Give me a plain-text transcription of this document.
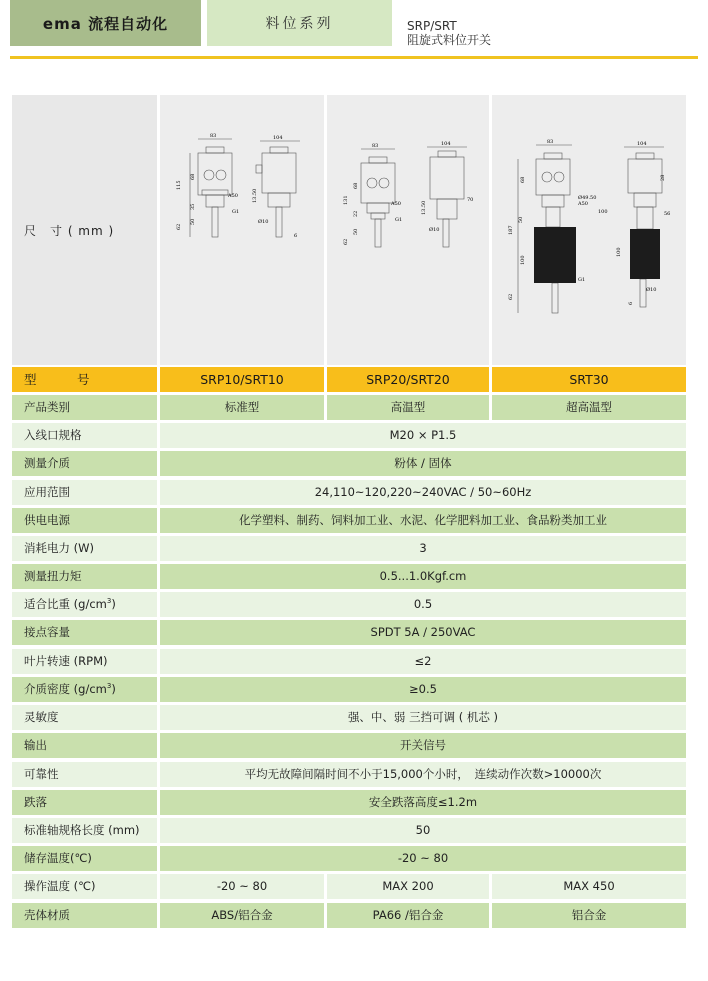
ema 流程自动化	料位系列	SRP/SRT
阻旋式料位开关
尺　寸 ( mm )
83	104
115
68
35
50
62
A50
G1
Ø10
6
13.50
83	104
131
68
22
50
62
A50
G1
Ø10
70
13.50
83	104
187
68
50
100
62
A50
G1
Ø10
56
Ø49.50
100
100
28
6
型　号	SRP10/SRT10	SRP20/SRT20	SRT30
产品类别	标准型	高温型	超高温型
入线口规格	M20 × P1.5
测量介质	粉体 / 固体
应用范围	24,110~120,220~240VAC / 50~60Hz
供电电源	化学塑料、制药、饲料加工业、水泥、化学肥料加工业、食品粉类加工业
消耗电力 (W)	3
测量扭力矩	0.5...1.0Kgf.cm
适合比重 $(g/cm^3)$	0.5
接点容量	SPDT 5A / 250VAC
叶片转速 (RPM)	≤2
介质密度 $(g/cm^3)$	≥0.5
灵敏度	强、中、弱 三挡可调 ( 机芯 )
输出	开关信号
可靠性	平均无故障间隔时间不小于15,000个小时，　连续动作次数>10000次
跌落	安全跌落高度≤1.2m
标准轴规格长度 (mm)	50
储存温度(℃)	-20 ~ 80
操作温度 (℃)	-20 ~ 80	MAX 200	MAX 450
壳体材质	ABS/铝合金	PA66 /铝合金	铝合金
